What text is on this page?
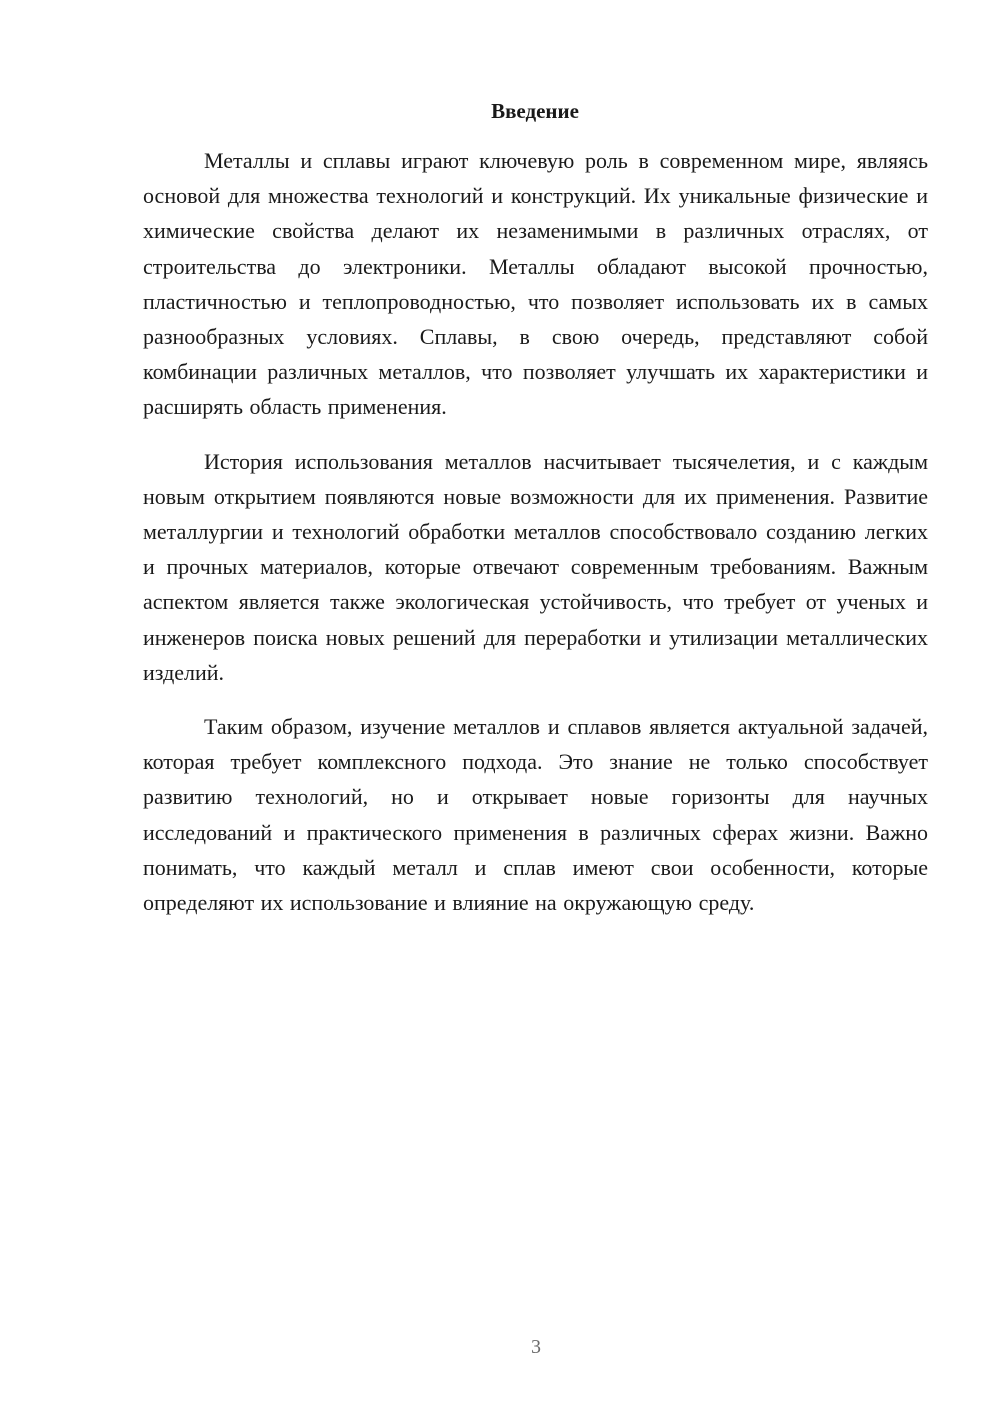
Введение

Металлы и сплавы играют ключевую роль в современном мире, являясь основой для множества технологий и конструкций. Их уникальные физические и химические свойства делают их незаменимыми в различных отраслях, от строительства до электроники. Металлы обладают высокой прочностью, пластичностью и теплопроводностью, что позволяет использовать их в самых разнообразных условиях. Сплавы, в свою очередь, представляют собой комбинации различных металлов, что позволяет улучшать их характеристики и расширять область применения.

История использования металлов насчитывает тысячелетия, и с каждым новым открытием появляются новые возможности для их применения. Развитие металлургии и технологий обработки металлов способствовало созданию легких и прочных материалов, которые отвечают современным требованиям. Важным аспектом является также экологическая устойчивость, что требует от ученых и инженеров поиска новых решений для переработки и утилизации металлических изделий.

Таким образом, изучение металлов и сплавов является актуальной задачей, которая требует комплексного подхода. Это знание не только способствует развитию технологий, но и открывает новые горизонты для научных исследований и практического применения в различных сферах жизни. Важно понимать, что каждый металл и сплав имеют свои особенности, которые определяют их использование и влияние на окружающую среду.

3
